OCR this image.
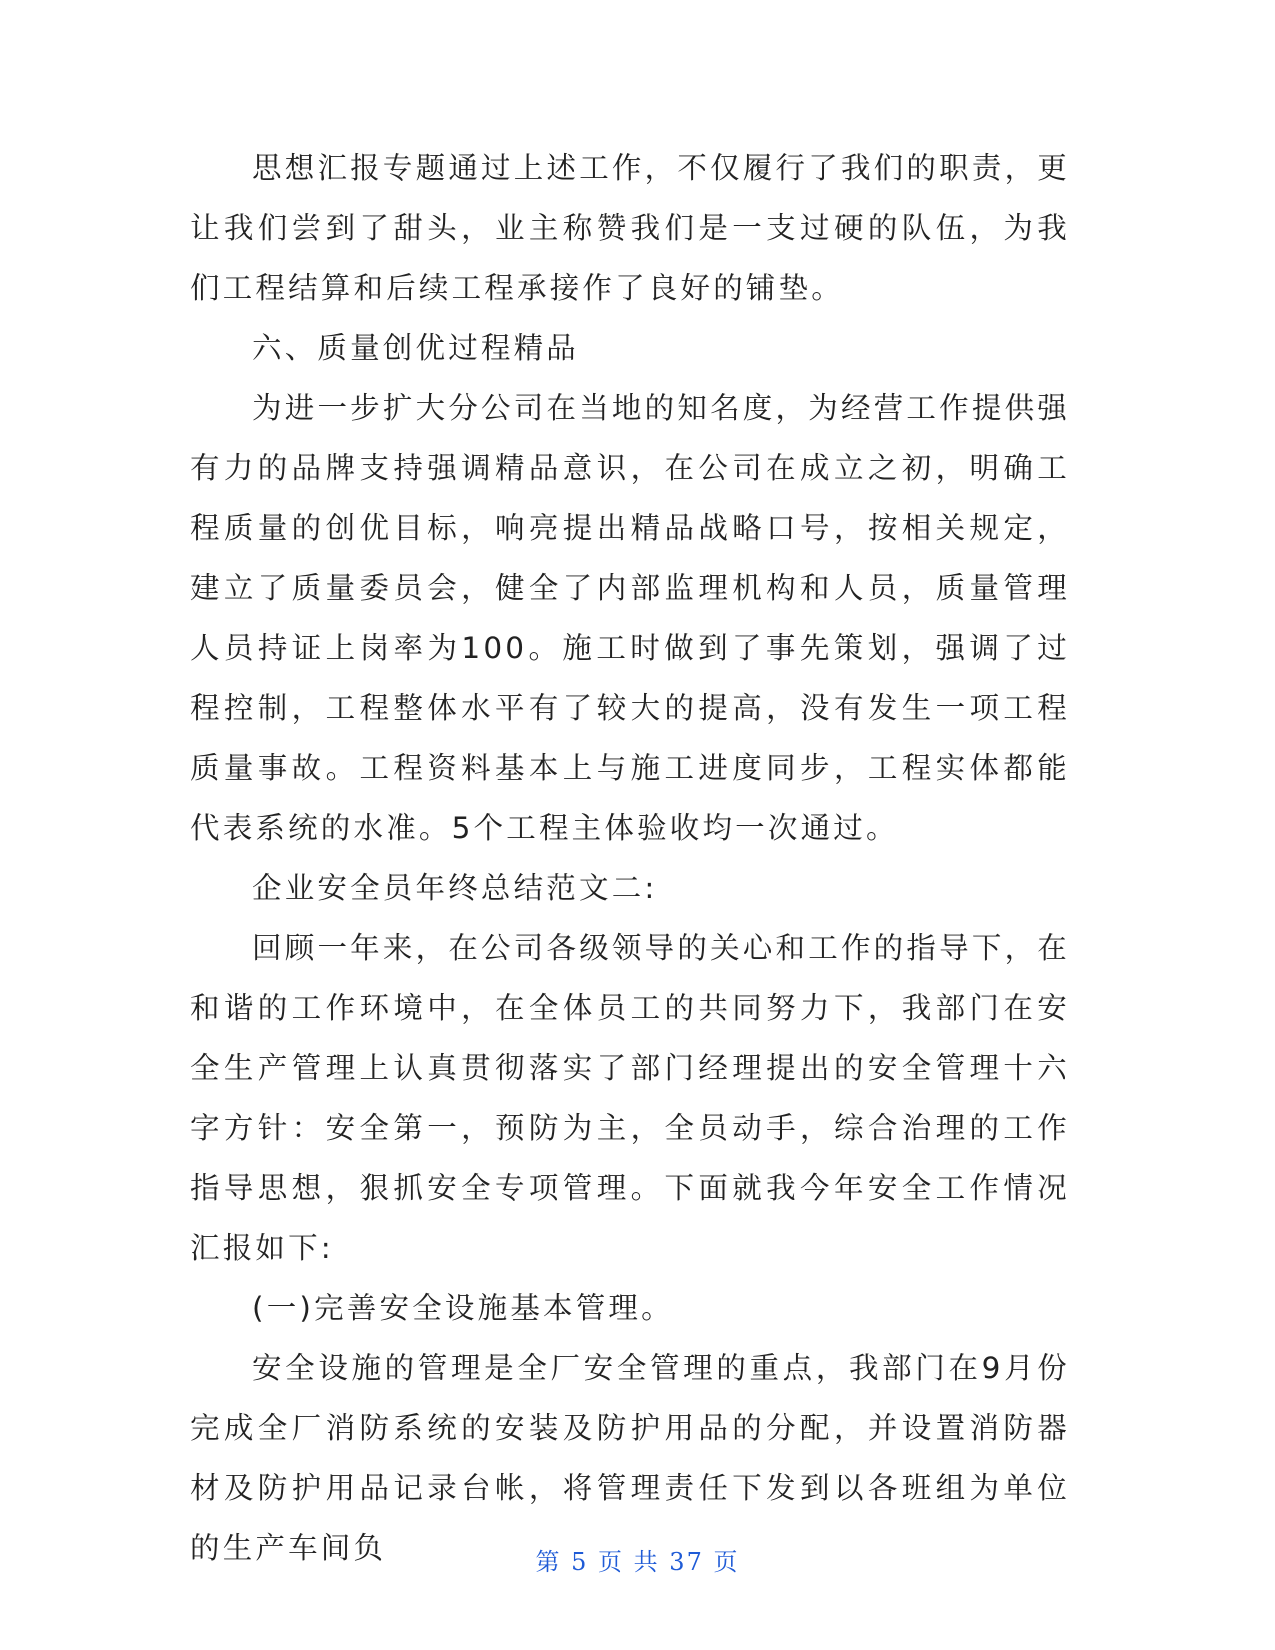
思想汇报专题通过上述工作，不仅履行了我们的职责，更让我们尝到了甜头，业主称赞我们是一支过硬的队伍，为我们工程结算和后续工程承接作了良好的铺垫。

六、质量创优过程精品

为进一步扩大分公司在当地的知名度，为经营工作提供强有力的品牌支持强调精品意识，在公司在成立之初，明确工程质量的创优目标，响亮提出精品战略口号，按相关规定，建立了质量委员会，健全了内部监理机构和人员，质量管理人员持证上岗率为100。施工时做到了事先策划，强调了过程控制，工程整体水平有了较大的提高，没有发生一项工程质量事故。工程资料基本上与施工进度同步，工程实体都能代表系统的水准。5个工程主体验收均一次通过。

企业安全员年终总结范文二:

回顾一年来，在公司各级领导的关心和工作的指导下，在和谐的工作环境中，在全体员工的共同努力下，我部门在安全生产管理上认真贯彻落实了部门经理提出的安全管理十六字方针：安全第一，预防为主，全员动手，综合治理的工作指导思想，狠抓安全专项管理。下面就我今年安全工作情况汇报如下:

(一)完善安全设施基本管理。

安全设施的管理是全厂安全管理的重点，我部门在9月份完成全厂消防系统的安装及防护用品的分配，并设置消防器材及防护用品记录台帐，将管理责任下发到以各班组为单位的生产车间负	第 5 页 共 37 页
